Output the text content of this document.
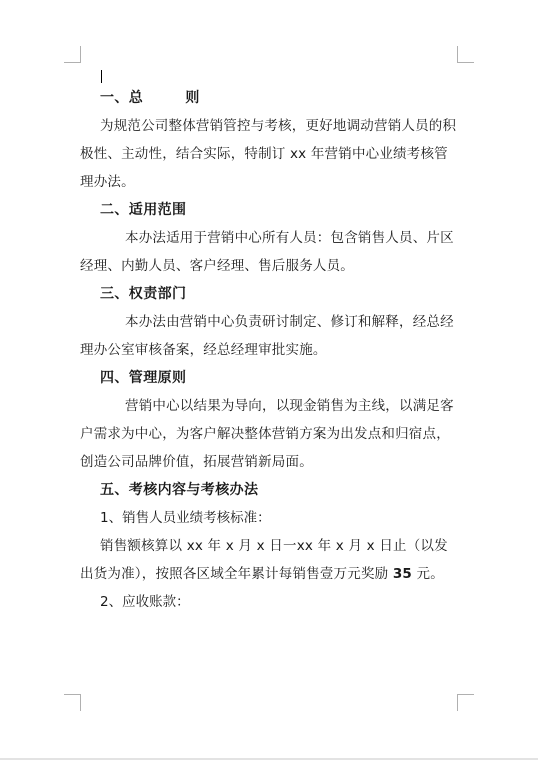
一、总        则

为规范公司整体营销管控与考核，更好地调动营销人员的积极性、主动性，结合实际，特制订 xx 年营销中心业绩考核管理办法。

二、适用范围

本办法适用于营销中心所有人员：包含销售人员、片区经理、内勤人员、客户经理、售后服务人员。

三、权责部门

本办法由营销中心负责研讨制定、修订和解释，经总经理办公室审核备案，经总经理审批实施。

四、管理原则

营销中心以结果为导向，以现金销售为主线，以满足客户需求为中心，为客户解决整体营销方案为出发点和归宿点，创造公司品牌价值，拓展营销新局面。

五、考核内容与考核办法

1、销售人员业绩考核标准：

销售额核算以 xx 年 x 月 x 日一xx 年 x 月 x 日止（以发出货为准），按照各区域全年累计每销售壹万元奖励 35 元。

2、应收账款：
